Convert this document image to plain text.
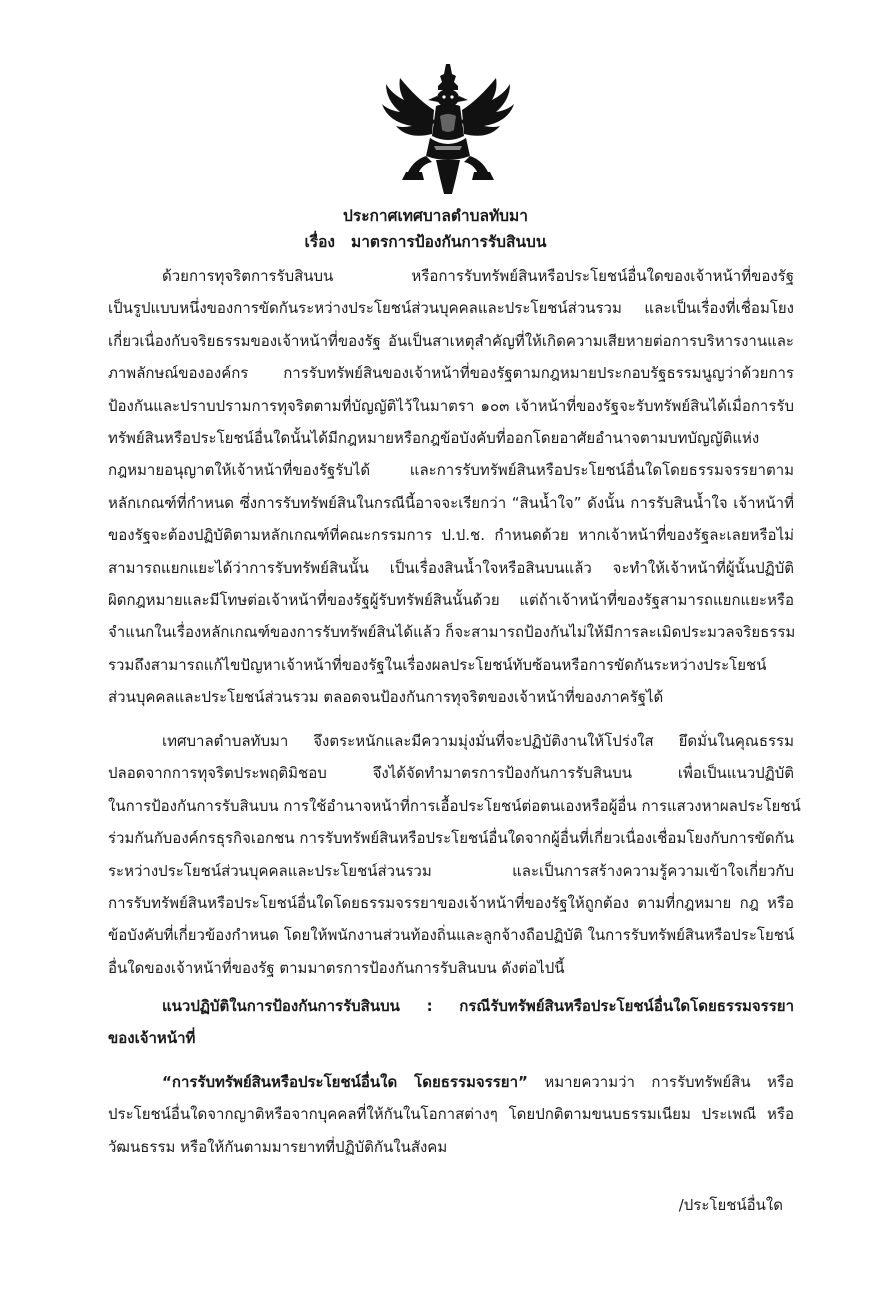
ประกาศเทศบาลตำบลทับมา
เรื่อง มาตรการป้องกันการรับสินบน
ด้วยการทุจริตการรับสินบน หรือการรับทรัพย์สินหรือประโยชน์อื่นใดของเจ้าหน้าที่ของรัฐ
เป็นรูปแบบหนึ่งของการขัดกันระหว่างประโยชน์ส่วนบุคคลและประโยชน์ส่วนรวม และเป็นเรื่องที่เชื่อมโยง
เกี่ยวเนื่องกับจริยธรรมของเจ้าหน้าที่ของรัฐ อันเป็นสาเหตุสำคัญที่ให้เกิดความเสียหายต่อการบริหารงานและ
ภาพลักษณ์ขององค์กร การรับทรัพย์สินของเจ้าหน้าที่ของรัฐตามกฎหมายประกอบรัฐธรรมนูญว่าด้วยการ
ป้องกันและปราบปรามการทุจริตตามที่บัญญัติไว้ในมาตรา ๑๐๓ เจ้าหน้าที่ของรัฐจะรับทรัพย์สินได้เมื่อการรับ
ทรัพย์สินหรือประโยชน์อื่นใดนั้นได้มีกฎหมายหรือกฎข้อบังคับที่ออกโดยอาศัยอำนาจตามบทบัญญัติแห่ง
กฎหมายอนุญาตให้เจ้าหน้าที่ของรัฐรับได้ และการรับทรัพย์สินหรือประโยชน์อื่นใดโดยธรรมจรรยาตาม
หลักเกณฑ์ที่กำหนด ซึ่งการรับทรัพย์สินในกรณีนี้อาจจะเรียกว่า “สินน้ำใจ” ดังนั้น การรับสินน้ำใจ เจ้าหน้าที่
ของรัฐจะต้องปฏิบัติตามหลักเกณฑ์ที่คณะกรรมการ ป.ป.ช. กำหนดด้วย หากเจ้าหน้าที่ของรัฐละเลยหรือไม่
สามารถแยกแยะได้ว่าการรับทรัพย์สินนั้น เป็นเรื่องสินน้ำใจหรือสินบนแล้ว จะทำให้เจ้าหน้าที่ผู้นั้นปฏิบัติ
ผิดกฎหมายและมีโทษต่อเจ้าหน้าที่ของรัฐผู้รับทรัพย์สินนั้นด้วย แต่ถ้าเจ้าหน้าที่ของรัฐสามารถแยกแยะหรือ
จำแนกในเรื่องหลักเกณฑ์ของการรับทรัพย์สินได้แล้ว ก็จะสามารถป้องกันไม่ให้มีการละเมิดประมวลจริยธรรม
รวมถึงสามารถแก้ไขปัญหาเจ้าหน้าที่ของรัฐในเรื่องผลประโยชน์ทับซ้อนหรือการขัดกันระหว่างประโยชน์
ส่วนบุคคลและประโยชน์ส่วนรวม ตลอดจนป้องกันการทุจริตของเจ้าหน้าที่ของภาครัฐได้
เทศบาลตำบลทับมา จึงตระหนักและมีความมุ่งมั่นที่จะปฏิบัติงานให้โปร่งใส ยึดมั่นในคุณธรรม
ปลอดจากการทุจริตประพฤติมิชอบ จึงได้จัดทำมาตรการป้องกันการรับสินบน เพื่อเป็นแนวปฏิบัติ
ในการป้องกันการรับสินบน การใช้อำนาจหน้าที่การเอื้อประโยชน์ต่อตนเองหรือผู้อื่น การแสวงหาผลประโยชน์
ร่วมกันกับองค์กรธุรกิจเอกชน การรับทรัพย์สินหรือประโยชน์อื่นใดจากผู้อื่นที่เกี่ยวเนื่องเชื่อมโยงกับการขัดกัน
ระหว่างประโยชน์ส่วนบุคคลและประโยชน์ส่วนรวม และเป็นการสร้างความรู้ความเข้าใจเกี่ยวกับ
การรับทรัพย์สินหรือประโยชน์อื่นใดโดยธรรมจรรยาของเจ้าหน้าที่ของรัฐให้ถูกต้อง ตามที่กฎหมาย กฎ หรือ
ข้อบังคับที่เกี่ยวข้องกำหนด โดยให้พนักงานส่วนท้องถิ่นและลูกจ้างถือปฏิบัติ ในการรับทรัพย์สินหรือประโยชน์
อื่นใดของเจ้าหน้าที่ของรัฐ ตามมาตรการป้องกันการรับสินบน ดังต่อไปนี้
แนวปฏิบัติในการป้องกันการรับสินบน : กรณีรับทรัพย์สินหรือประโยชน์อื่นใดโดยธรรมจรรยา
ของเจ้าหน้าที่
“การรับทรัพย์สินหรือประโยชน์อื่นใด โดยธรรมจรรยา” หมายความว่า การรับทรัพย์สิน หรือ
ประโยชน์อื่นใดจากญาติหรือจากบุคคลที่ให้กันในโอกาสต่างๆ โดยปกติตามขนบธรรมเนียม ประเพณี หรือ
วัฒนธรรม หรือให้กันตามมารยาทที่ปฏิบัติกันในสังคม
/ประโยชน์อื่นใด
